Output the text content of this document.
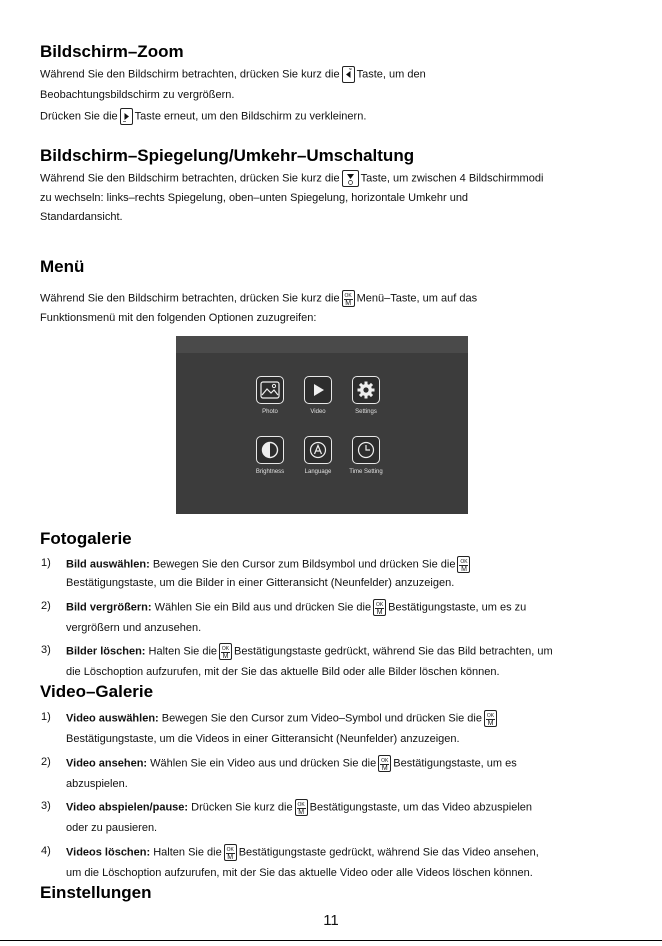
Bildschirm–Zoom
Während Sie den Bildschirm betrachten, drücken Sie kurz die Taste, um den
Beobachtungsbildschirm zu vergrößern.
Drücken Sie die Taste erneut, um den Bildschirm zu verkleinern.
Bildschirm–Spiegelung/Umkehr–Umschaltung
Während Sie den Bildschirm betrachten, drücken Sie kurz die Taste, um zwischen 4 Bildschirmmodi
zu wechseln: links–rechts Spiegelung, oben–unten Spiegelung, horizontale Umkehr und
Standardansicht.
Menü
Während Sie den Bildschirm betrachten, drücken Sie kurz die OK
M Menü–Taste, um auf das
Funktionsmenü mit den folgenden Optionen zuzugreifen:
Photo	Video	Settings
Brightness	Language	Time Setting
Fotogalerie
1) Bild auswählen: Bewegen Sie den Cursor zum Bildsymbol und drücken Sie die OK
M
Bestätigungstaste, um die Bilder in einer Gitteransicht (Neunfelder) anzuzeigen.
2) Bild vergrößern: Wählen Sie ein Bild aus und drücken Sie die OK
M Bestätigungstaste, um es zu
vergrößern und anzusehen.
3) Bilder löschen: Halten Sie die OK
M Bestätigungstaste gedrückt, während Sie das Bild betrachten, um
die Löschoption aufzurufen, mit der Sie das aktuelle Bild oder alle Bilder löschen können.
Video–Galerie
1) Video auswählen: Bewegen Sie den Cursor zum Video–Symbol und drücken Sie die OK
M
Bestätigungstaste, um die Videos in einer Gitteransicht (Neunfelder) anzuzeigen.
2) Video ansehen: Wählen Sie ein Video aus und drücken Sie die OK
M Bestätigungstaste, um es
abzuspielen.
3) Video abspielen/pause: Drücken Sie kurz die OK
M Bestätigungstaste, um das Video abzuspielen
oder zu pausieren.
4) Videos löschen: Halten Sie die OK
M Bestätigungstaste gedrückt, während Sie das Video ansehen,
um die Löschoption aufzurufen, mit der Sie das aktuelle Video oder alle Videos löschen können.
Einstellungen
11
